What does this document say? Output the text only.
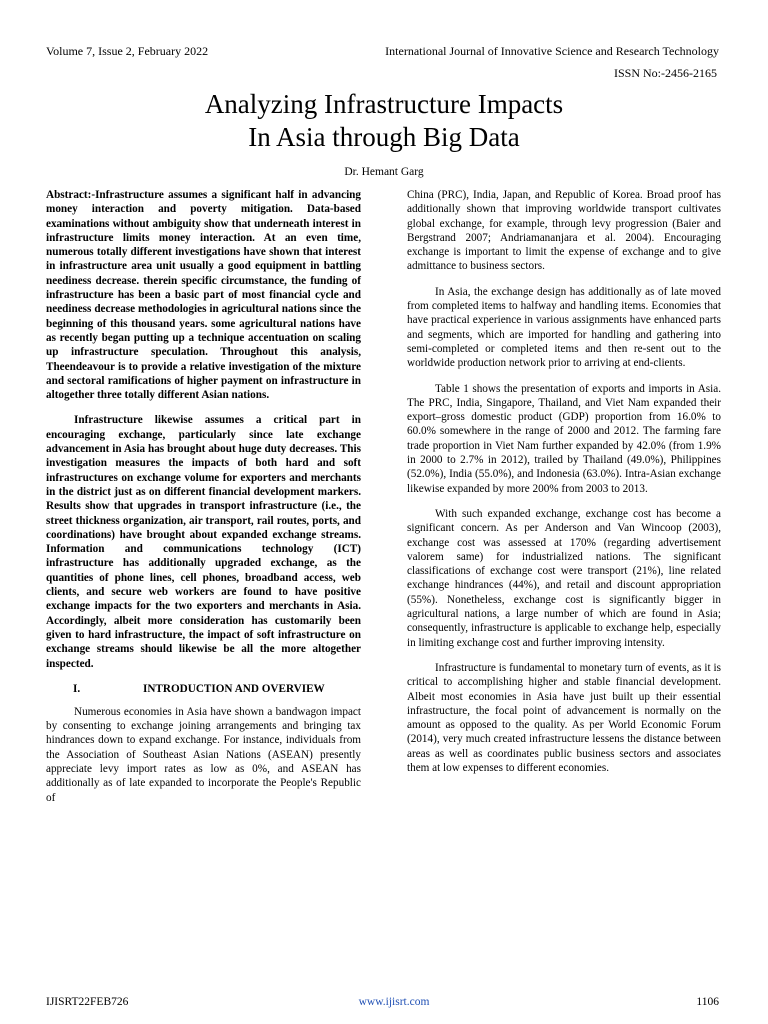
Volume 7, Issue 2, February 2022	International Journal of Innovative Science and Research Technology
ISSN No:-2456-2165
Analyzing Infrastructure Impacts
In Asia through Big Data
Dr. Hemant Garg

Abstract:-Infrastructure assumes a significant half in advancing money interaction and poverty mitigation. Data-based examinations without ambiguity show that underneath interest in infrastructure limits money interaction. At an even time, numerous totally different investigations have shown that interest in infrastructure area unit usually a good equipment in battling neediness decrease. therein specific circumstance, the funding of infrastructure has been a basic part of most financial cycle and neediness decrease methodologies in agricultural nations since the beginning of this thousand years. some agricultural nations have as recently began putting up a technique accentuation on scaling up infrastructure speculation. Throughout this analysis, Theendeavour is to provide a relative investigation of the mixture and sectoral ramifications of higher payment on infrastructure in altogether three totally different Asian nations.

Infrastructure likewise assumes a critical part in encouraging exchange, particularly since late exchange advancement in Asia has brought about huge duty decreases. This investigation measures the impacts of both hard and soft infrastructures on exchange volume for exporters and merchants in the district just as on different financial development markers. Results show that upgrades in transport infrastructure (i.e., the street thickness organization, air transport, rail routes, ports, and coordinations) have brought about expanded exchange streams. Information and communications technology (ICT) infrastructure has additionally upgraded exchange, as the quantities of phone lines, cell phones, broadband access, web clients, and secure web workers are found to have positive exchange impacts for the two exporters and merchants in Asia. Accordingly, albeit more consideration has customarily been given to hard infrastructure, the impact of soft infrastructure on exchange streams should likewise be all the more altogether inspected.

I.	INTRODUCTION AND OVERVIEW

Numerous economies in Asia have shown a bandwagon impact by consenting to exchange joining arrangements and bringing tax hindrances down to expand exchange. For instance, individuals from the Association of Southeast Asian Nations (ASEAN) presently appreciate levy import rates as low as 0%, and ASEAN has additionally as of late expanded to incorporate the People's Republic of

China (PRC), India, Japan, and Republic of Korea. Broad proof has additionally shown that improving worldwide transport cultivates global exchange, for example, through levy progression (Baier and Bergstrand 2007; Andriamananjara et al. 2004). Encouraging exchange is important to limit the expense of exchange and to give admittance to business sectors.

In Asia, the exchange design has additionally as of late moved from completed items to halfway and handling items. Economies that have practical experience in various assignments have enhanced parts and segments, which are imported for handling and gathering into semi-completed or completed items and then re-sent out to the worldwide production network prior to arriving at end-clients.

Table 1 shows the presentation of exports and imports in Asia. The PRC, India, Singapore, Thailand, and Viet Nam expanded their export–gross domestic product (GDP) proportion from 16.0% to 60.0% somewhere in the range of 2000 and 2012. The farming fare trade proportion in Viet Nam further expanded by 42.0% (from 1.9% in 2000 to 2.7% in 2012), trailed by Thailand (49.0%), Philippines (52.0%), India (55.0%), and Indonesia (63.0%). Intra-Asian exchange likewise expanded by more 200% from 2003 to 2013.

With such expanded exchange, exchange cost has become a significant concern. As per Anderson and Van Wincoop (2003), exchange cost was assessed at 170% (regarding advertisement valorem same) for industrialized nations. The significant classifications of exchange cost were transport (21%), line related exchange hindrances (44%), and retail and discount appropriation (55%). Nonetheless, exchange cost is significantly bigger in agricultural nations, a large number of which are found in Asia; consequently, infrastructure is applicable to exchange help, especially in limiting exchange cost and further improving intensity.

Infrastructure is fundamental to monetary turn of events, as it is critical to accomplishing higher and stable financial development. Albeit most economies in Asia have just built up their essential infrastructure, the focal point of advancement is normally on the amount as opposed to the quality. As per World Economic Forum (2014), very much created infrastructure lessens the distance between areas as well as coordinates public business sectors and associates them at low expenses to different economies.

IJISRT22FEB726	www.ijisrt.com	1106
